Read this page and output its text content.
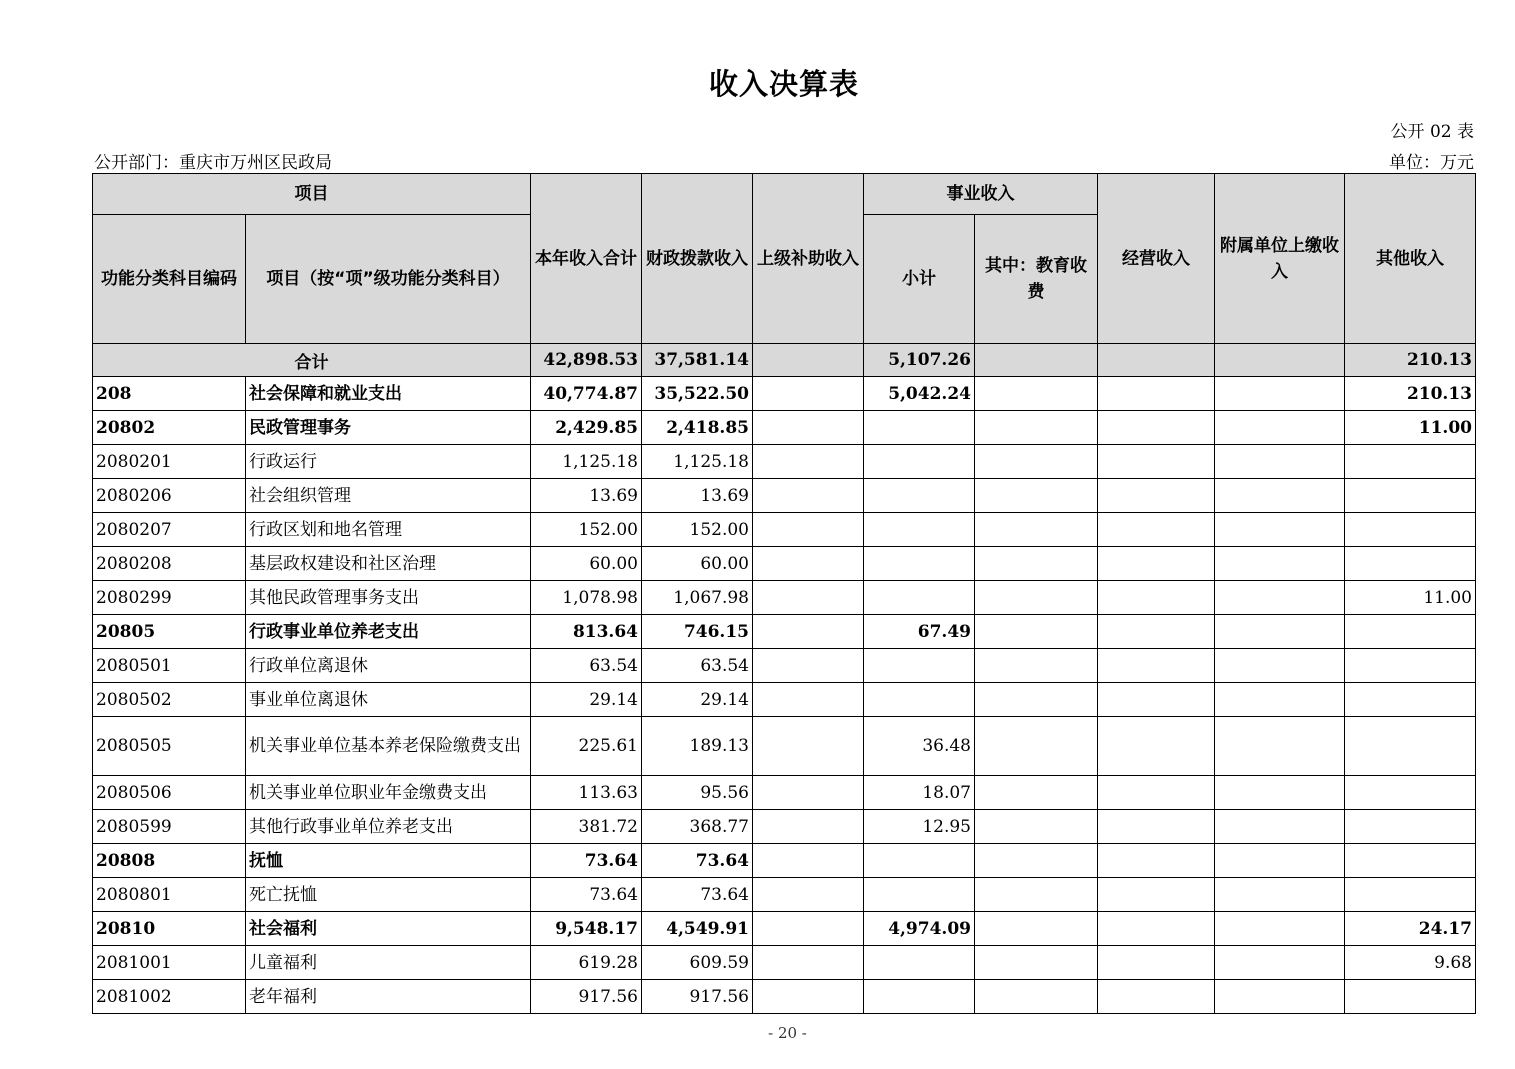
收入决算表
公开 02 表
公开部门：重庆市万州区民政局	单位：万元
项目		本年收入合计	财政拨款收入	上级补助收入	事业收入		经营收入	附属单位上缴收入	其他收入
功能分类科目编码	项目（按“项”级功能分类科目）				小计	其中：教育收费			
合计		42,898.53	37,581.14		5,107.26				210.13
208	社会保障和就业支出	40,774.87	35,522.50		5,042.24				210.13
20802	民政管理事务	2,429.85	2,418.85						11.00
2080201	行政运行	1,125.18	1,125.18						
2080206	社会组织管理	13.69	13.69						
2080207	行政区划和地名管理	152.00	152.00						
2080208	基层政权建设和社区治理	60.00	60.00						
2080299	其他民政管理事务支出	1,078.98	1,067.98						11.00
20805	行政事业单位养老支出	813.64	746.15		67.49				
2080501	行政单位离退休	63.54	63.54						
2080502	事业单位离退休	29.14	29.14						
2080505	机关事业单位基本养老保险缴费支出	225.61	189.13		36.48				
2080506	机关事业单位职业年金缴费支出	113.63	95.56		18.07				
2080599	其他行政事业单位养老支出	381.72	368.77		12.95				
20808	抚恤	73.64	73.64						
2080801	死亡抚恤	73.64	73.64						
20810	社会福利	9,548.17	4,549.91		4,974.09				24.17
2081001	儿童福利	619.28	609.59						9.68
2081002	老年福利	917.56	917.56						
- 20 -
